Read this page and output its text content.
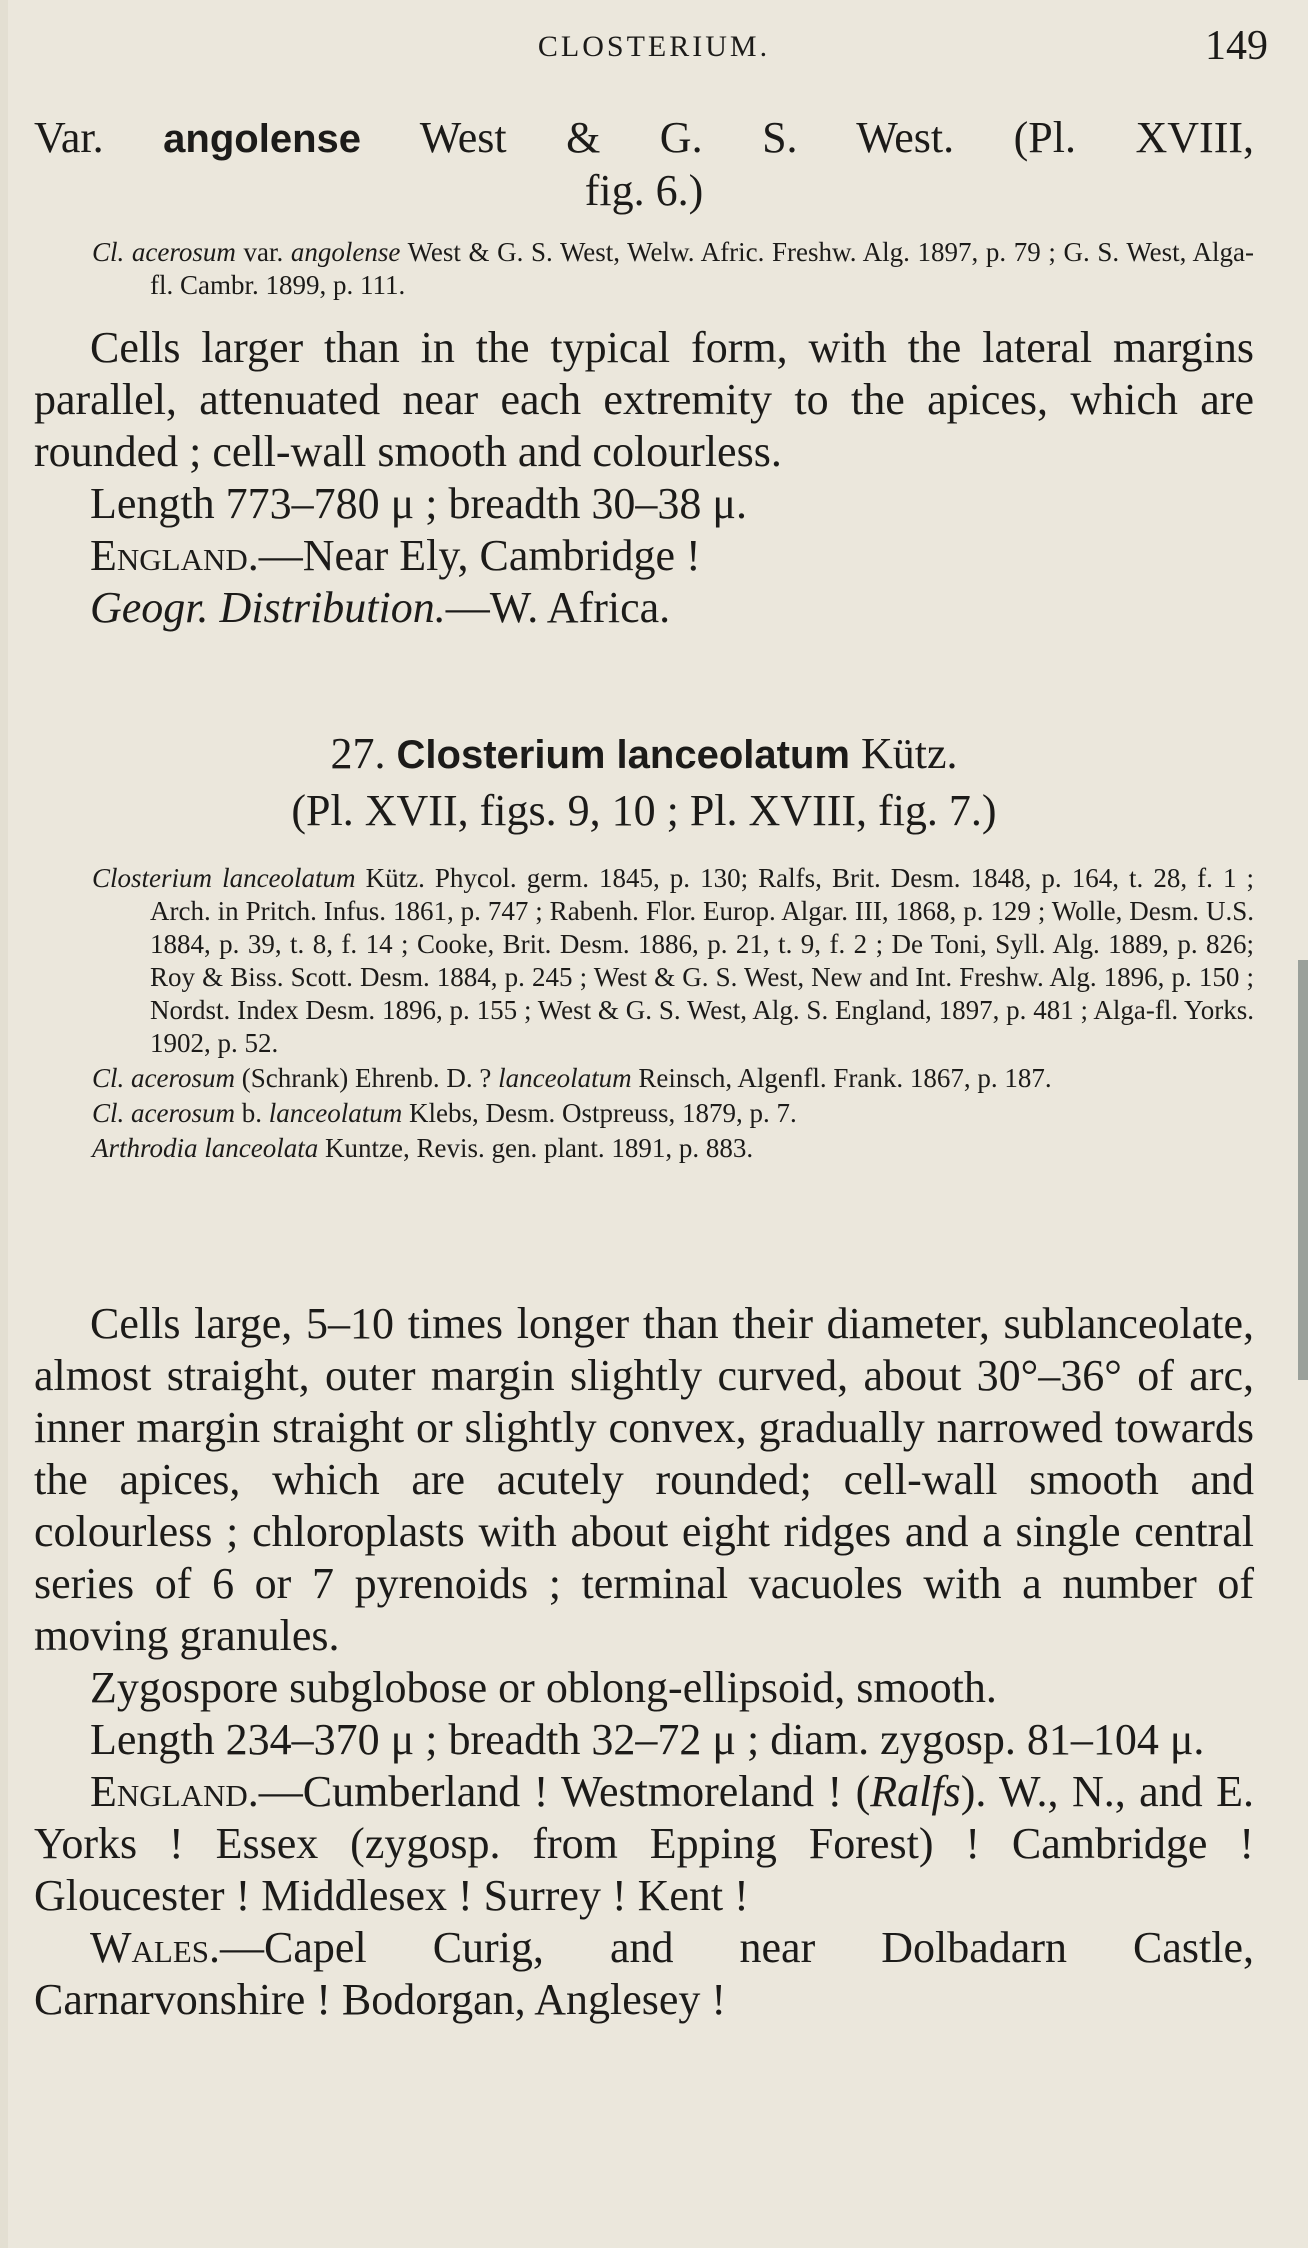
CLOSTERIUM.	149

Var. angolense West & G. S. West. (Pl. XVIII,

fig. 6.)

Cl. acerosum var. angolense West & G. S. West, Welw. Afric. Freshw. Alg. 1897, p. 79 ; G. S. West, Alga-fl. Cambr. 1899, p. 111.

Cells larger than in the typical form, with the lateral margins parallel, attenuated near each extremity to the apices, which are rounded ; cell-wall smooth and colourless.

Length 773–780 μ ; breadth 30–38 μ.

England.—Near Ely, Cambridge !

Geogr. Distribution.—W. Africa.

27. Closterium lanceolatum Kütz.

(Pl. XVII, figs. 9, 10 ; Pl. XVIII, fig. 7.)

Closterium lanceolatum Kütz. Phycol. germ. 1845, p. 130; Ralfs, Brit. Desm. 1848, p. 164, t. 28, f. 1 ; Arch. in Pritch. Infus. 1861, p. 747 ; Rabenh. Flor. Europ. Algar. III, 1868, p. 129 ; Wolle, Desm. U.S. 1884, p. 39, t. 8, f. 14 ; Cooke, Brit. Desm. 1886, p. 21, t. 9, f. 2 ; De Toni, Syll. Alg. 1889, p. 826; Roy & Biss. Scott. Desm. 1884, p. 245 ; West & G. S. West, New and Int. Freshw. Alg. 1896, p. 150 ; Nordst. Index Desm. 1896, p. 155 ; West & G. S. West, Alg. S. England, 1897, p. 481 ; Alga-fl. Yorks. 1902, p. 52.

Cl. acerosum (Schrank) Ehrenb. D. ? lanceolatum Reinsch, Algenfl. Frank. 1867, p. 187.

Cl. acerosum b. lanceolatum Klebs, Desm. Ostpreuss, 1879, p. 7.

Arthrodia lanceolata Kuntze, Revis. gen. plant. 1891, p. 883.

Cells large, 5–10 times longer than their diameter, sublanceolate, almost straight, outer margin slightly curved, about 30°–36° of arc, inner margin straight or slightly convex, gradually narrowed towards the apices, which are acutely rounded; cell-wall smooth and colourless ; chloroplasts with about eight ridges and a single central series of 6 or 7 pyrenoids ; terminal vacuoles with a number of moving granules.

Zygospore subglobose or oblong-ellipsoid, smooth.

Length 234–370 μ ; breadth 32–72 μ ; diam. zygosp. 81–104 μ.

England.—Cumberland ! Westmoreland ! (Ralfs). W., N., and E. Yorks ! Essex (zygosp. from Epping Forest) ! Cambridge ! Gloucester ! Middlesex ! Surrey ! Kent !

Wales.—Capel Curig, and near Dolbadarn Castle, Carnarvonshire ! Bodorgan, Anglesey !
